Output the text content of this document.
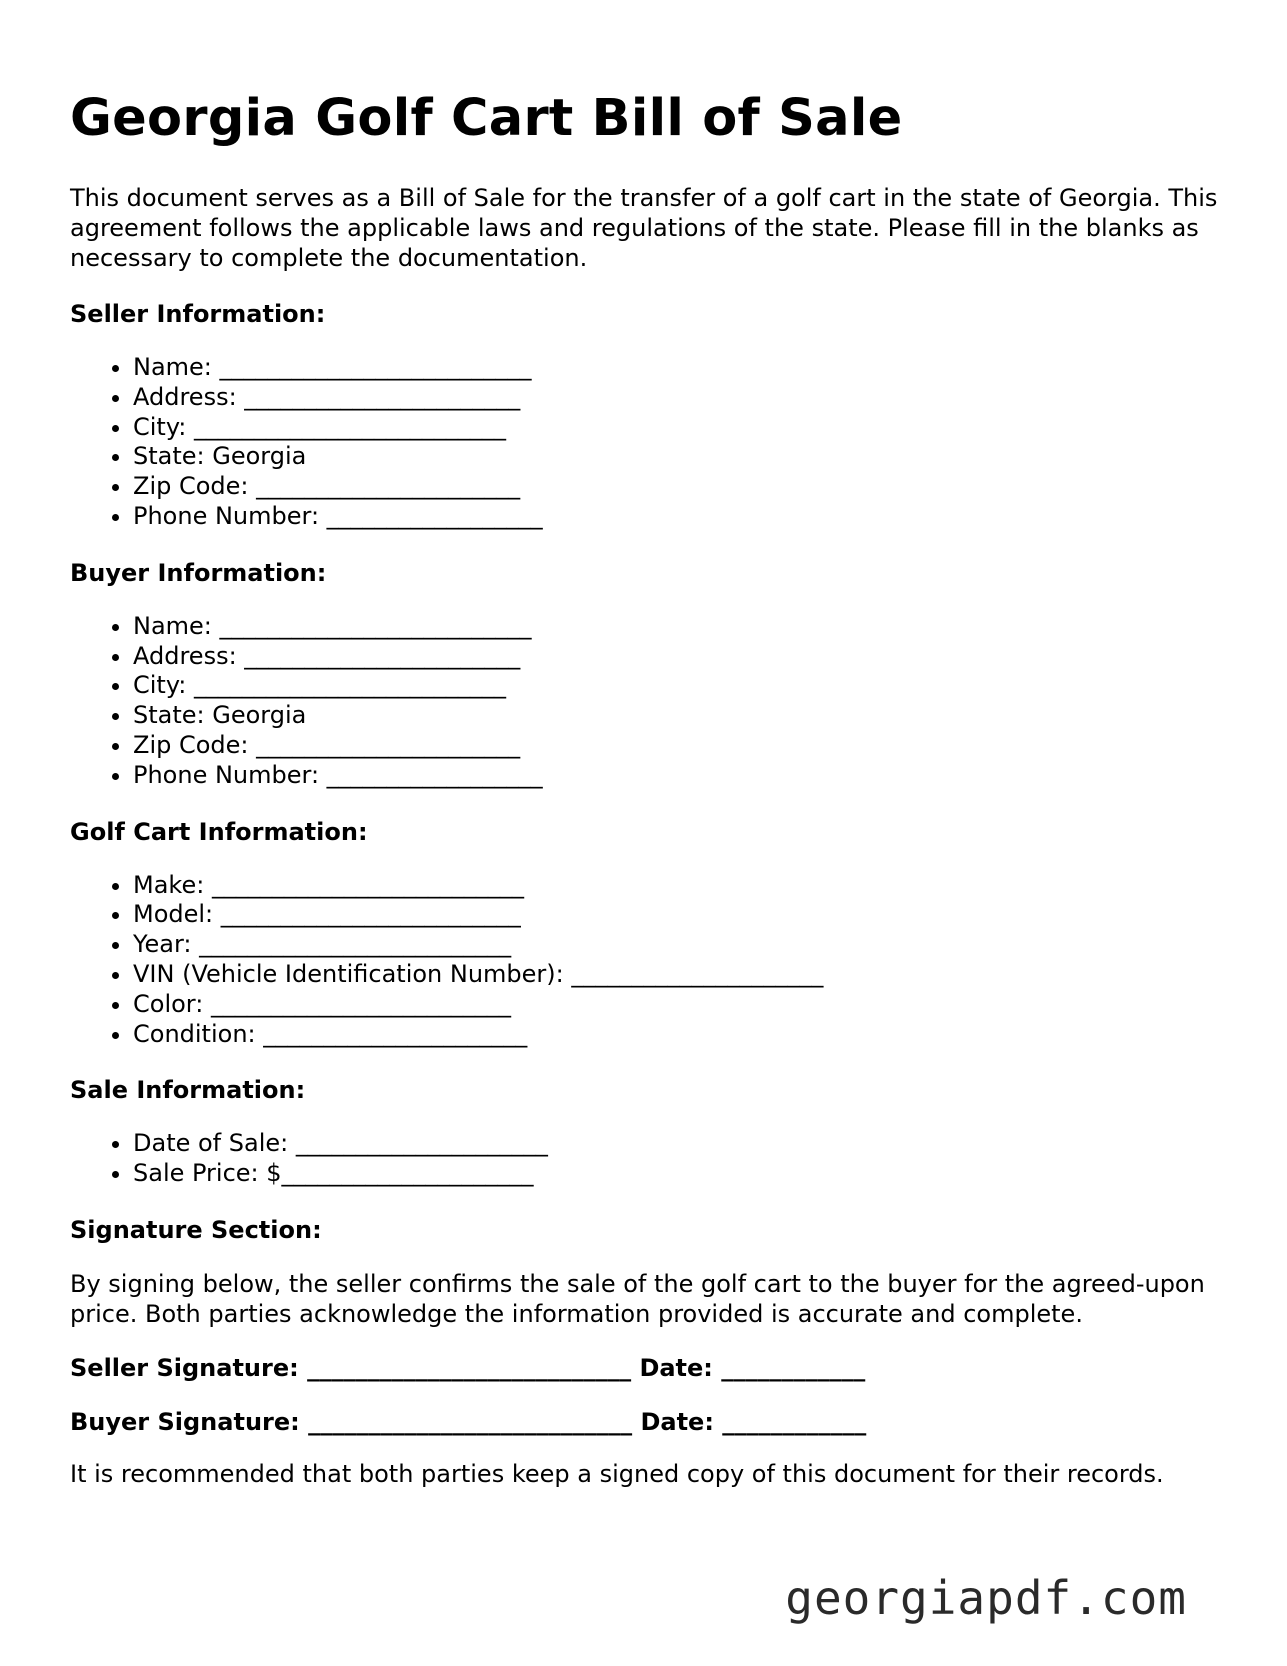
Georgia Golf Cart Bill of Sale

This document serves as a Bill of Sale for the transfer of a golf cart in the state of Georgia. This agreement follows the applicable laws and regulations of the state. Please fill in the blanks as necessary to complete the documentation.

Seller Information:

• Name: __________________________
• Address: _______________________
• City: __________________________
• State: Georgia
• Zip Code: ______________________
• Phone Number: __________________

Buyer Information:

• Name: __________________________
• Address: _______________________
• City: __________________________
• State: Georgia
• Zip Code: ______________________
• Phone Number: __________________

Golf Cart Information:

• Make: __________________________
• Model: _________________________
• Year: __________________________
• VIN (Vehicle Identification Number): _____________________
• Color: _________________________
• Condition: ______________________

Sale Information:

• Date of Sale: _____________________
• Sale Price: $_____________________

Signature Section:

By signing below, the seller confirms the sale of the golf cart to the buyer for the agreed-upon price. Both parties acknowledge the information provided is accurate and complete.

Seller Signature: ___________________________ Date: ____________

Buyer Signature: ___________________________ Date: ____________

It is recommended that both parties keep a signed copy of this document for their records.

georgiapdf.com
